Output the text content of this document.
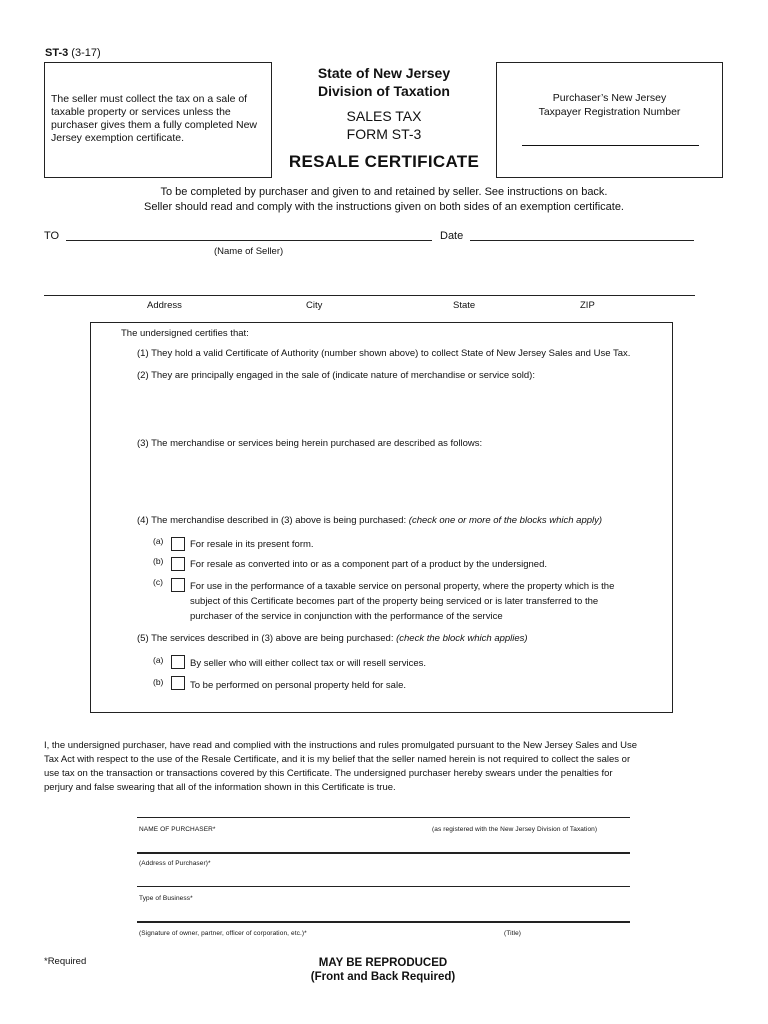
ST-3 (3-17)

The seller must collect the tax on a sale of taxable property or services unless the purchaser gives them a fully completed New Jersey exemption certificate.

State of New Jersey
Division of Taxation
SALES TAX
FORM ST-3
RESALE CERTIFICATE

Purchaser’s New Jersey
Taxpayer Registration Number

To be completed by purchaser and given to and retained by seller. See instructions on back.
Seller should read and comply with the instructions given on both sides of an exemption certificate.
TO	Date
(Name of Seller)
Address	City	State	ZIP
The undersigned certifies that:
(1) They hold a valid Certificate of Authority (number shown above) to collect State of New Jersey Sales and Use Tax.
(2) They are principally engaged in the sale of (indicate nature of merchandise or service sold):
(3) The merchandise or services being herein purchased are described as follows:
(4) The merchandise described in (3) above is being purchased: (check one or more of the blocks which apply)
(a)	For resale in its present form.
(b)	For resale as converted into or as a component part of a product by the undersigned.
(c)	For use in the performance of a taxable service on personal property, where the property which is the
subject of this Certificate becomes part of the property being serviced or is later transferred to the
purchaser of the service in conjunction with the performance of the service
(5) The services described in (3) above are being purchased: (check the block which applies)
(a)	By seller who will either collect tax or will resell services.
(b)	To be performed on personal property held for sale.
I, the undersigned purchaser, have read and complied with the instructions and rules promulgated pursuant to the New Jersey Sales and Use
Tax Act with respect to the use of the Resale Certificate, and it is my belief that the seller named herein is not required to collect the sales or
use tax on the transaction or transactions covered by this Certificate. The undersigned purchaser hereby swears under the penalties for
perjury and false swearing that all of the information shown in this Certificate is true.
NAME OF PURCHASER*	(as registered with the New Jersey Division of Taxation)
(Address of Purchaser)*
Type of Business*
(Signature of owner, partner, officer of corporation, etc.)*	(Title)
*Required	MAY BE REPRODUCED
(Front and Back Required)
